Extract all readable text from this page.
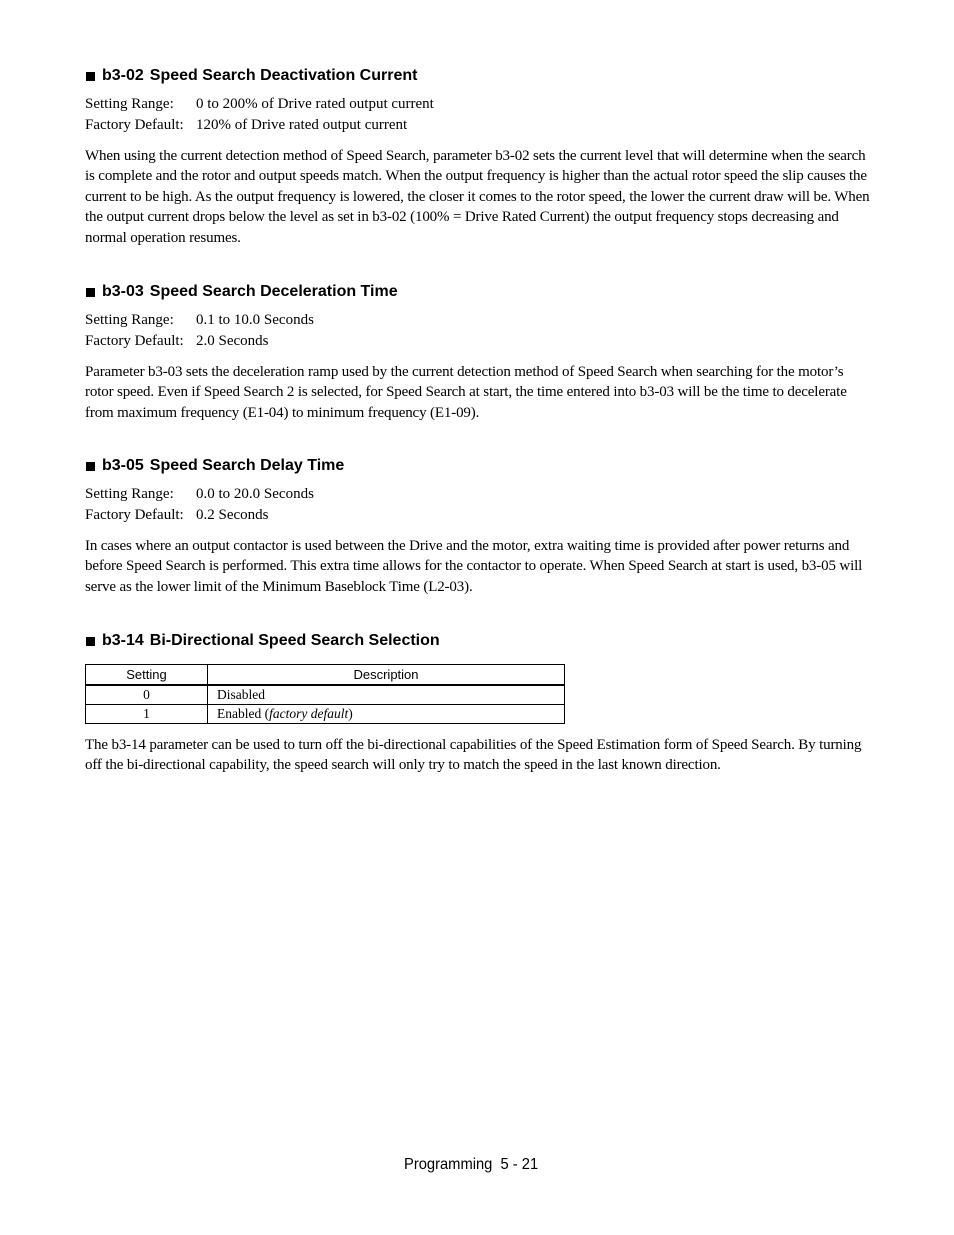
b3-02 Speed Search Deactivation Current
Setting Range:	0 to 200% of Drive rated output current
Factory Default: 120% of Drive rated output current
When using the current detection method of Speed Search, parameter b3-02 sets the current level that will determine when the search is complete and the rotor and output speeds match. When the output frequency is higher than the actual rotor speed the slip causes the current to be high. As the output frequency is lowered, the closer it comes to the rotor speed, the lower the current draw will be. When the output current drops below the level as set in b3-02 (100% = Drive Rated Current) the output frequency stops decreasing and normal operation resumes.
b3-03 Speed Search Deceleration Time
Setting Range:	0.1 to 10.0 Seconds
Factory Default: 2.0 Seconds
Parameter b3-03 sets the deceleration ramp used by the current detection method of Speed Search when searching for the motor’s rotor speed. Even if Speed Search 2 is selected, for Speed Search at start, the time entered into b3-03 will be the time to decelerate from maximum frequency (E1-04) to minimum frequency (E1-09).
b3-05 Speed Search Delay Time
Setting Range:	0.0 to 20.0 Seconds
Factory Default: 0.2 Seconds
In cases where an output contactor is used between the Drive and the motor, extra waiting time is provided after power returns and before Speed Search is performed. This extra time allows for the contactor to operate. When Speed Search at start is used, b3-05 will serve as the lower limit of the Minimum Baseblock Time (L2-03).
b3-14 Bi-Directional Speed Search Selection
Setting	Description
0	Disabled
1	Enabled (factory default)
The b3-14 parameter can be used to turn off the bi-directional capabilities of the Speed Estimation form of Speed Search. By turning off the bi-directional capability, the speed search will only try to match the speed in the last known direction.
Programming  5 - 21
